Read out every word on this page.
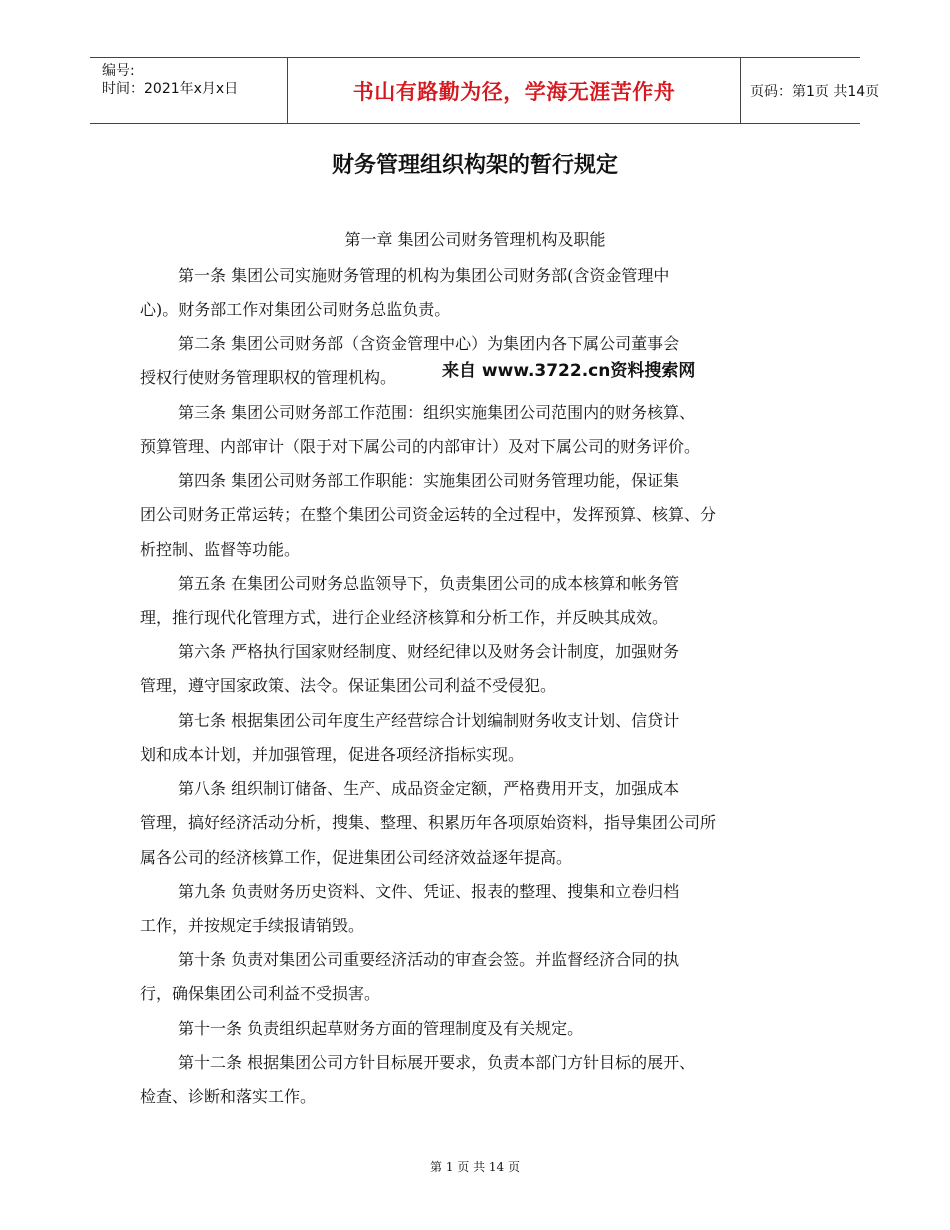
编号:
时间：2021年x月x日	书山有路勤为径，学海无涯苦作舟	页码：第1页 共14页
财务管理组织构架的暂行规定
第一章 集团公司财务管理机构及职能
第一条 集团公司实施财务管理的机构为集团公司财务部(含资金管理中
心)。财务部工作对集团公司财务总监负责。
第二条 集团公司财务部（含资金管理中心）为集团内各下属公司董事会
授权行使财务管理职权的管理机构。
第三条 集团公司财务部工作范围：组织实施集团公司范围内的财务核算、
预算管理、内部审计（限于对下属公司的内部审计）及对下属公司的财务评价。
第四条 集团公司财务部工作职能：实施集团公司财务管理功能，保证集
团公司财务正常运转；在整个集团公司资金运转的全过程中，发挥预算、核算、分
析控制、监督等功能。
第五条 在集团公司财务总监领导下，负责集团公司的成本核算和帐务管
理，推行现代化管理方式，进行企业经济核算和分析工作，并反映其成效。
第六条 严格执行国家财经制度、财经纪律以及财务会计制度，加强财务
管理，遵守国家政策、法令。保证集团公司利益不受侵犯。
第七条 根据集团公司年度生产经营综合计划编制财务收支计划、信贷计
划和成本计划，并加强管理，促进各项经济指标实现。
第八条 组织制订储备、生产、成品资金定额，严格费用开支，加强成本
管理，搞好经济活动分析，搜集、整理、积累历年各项原始资料，指导集团公司所
属各公司的经济核算工作，促进集团公司经济效益逐年提高。
第九条 负责财务历史资料、文件、凭证、报表的整理、搜集和立卷归档
工作，并按规定手续报请销毁。
第十条 负责对集团公司重要经济活动的审查会签。并监督经济合同的执
行，确保集团公司利益不受损害。
第十一条 负责组织起草财务方面的管理制度及有关规定。
第十二条 根据集团公司方针目标展开要求，负责本部门方针目标的展开、
检查、诊断和落实工作。
来自 www.3722.cn资料搜索网
第 1 页 共 14 页
